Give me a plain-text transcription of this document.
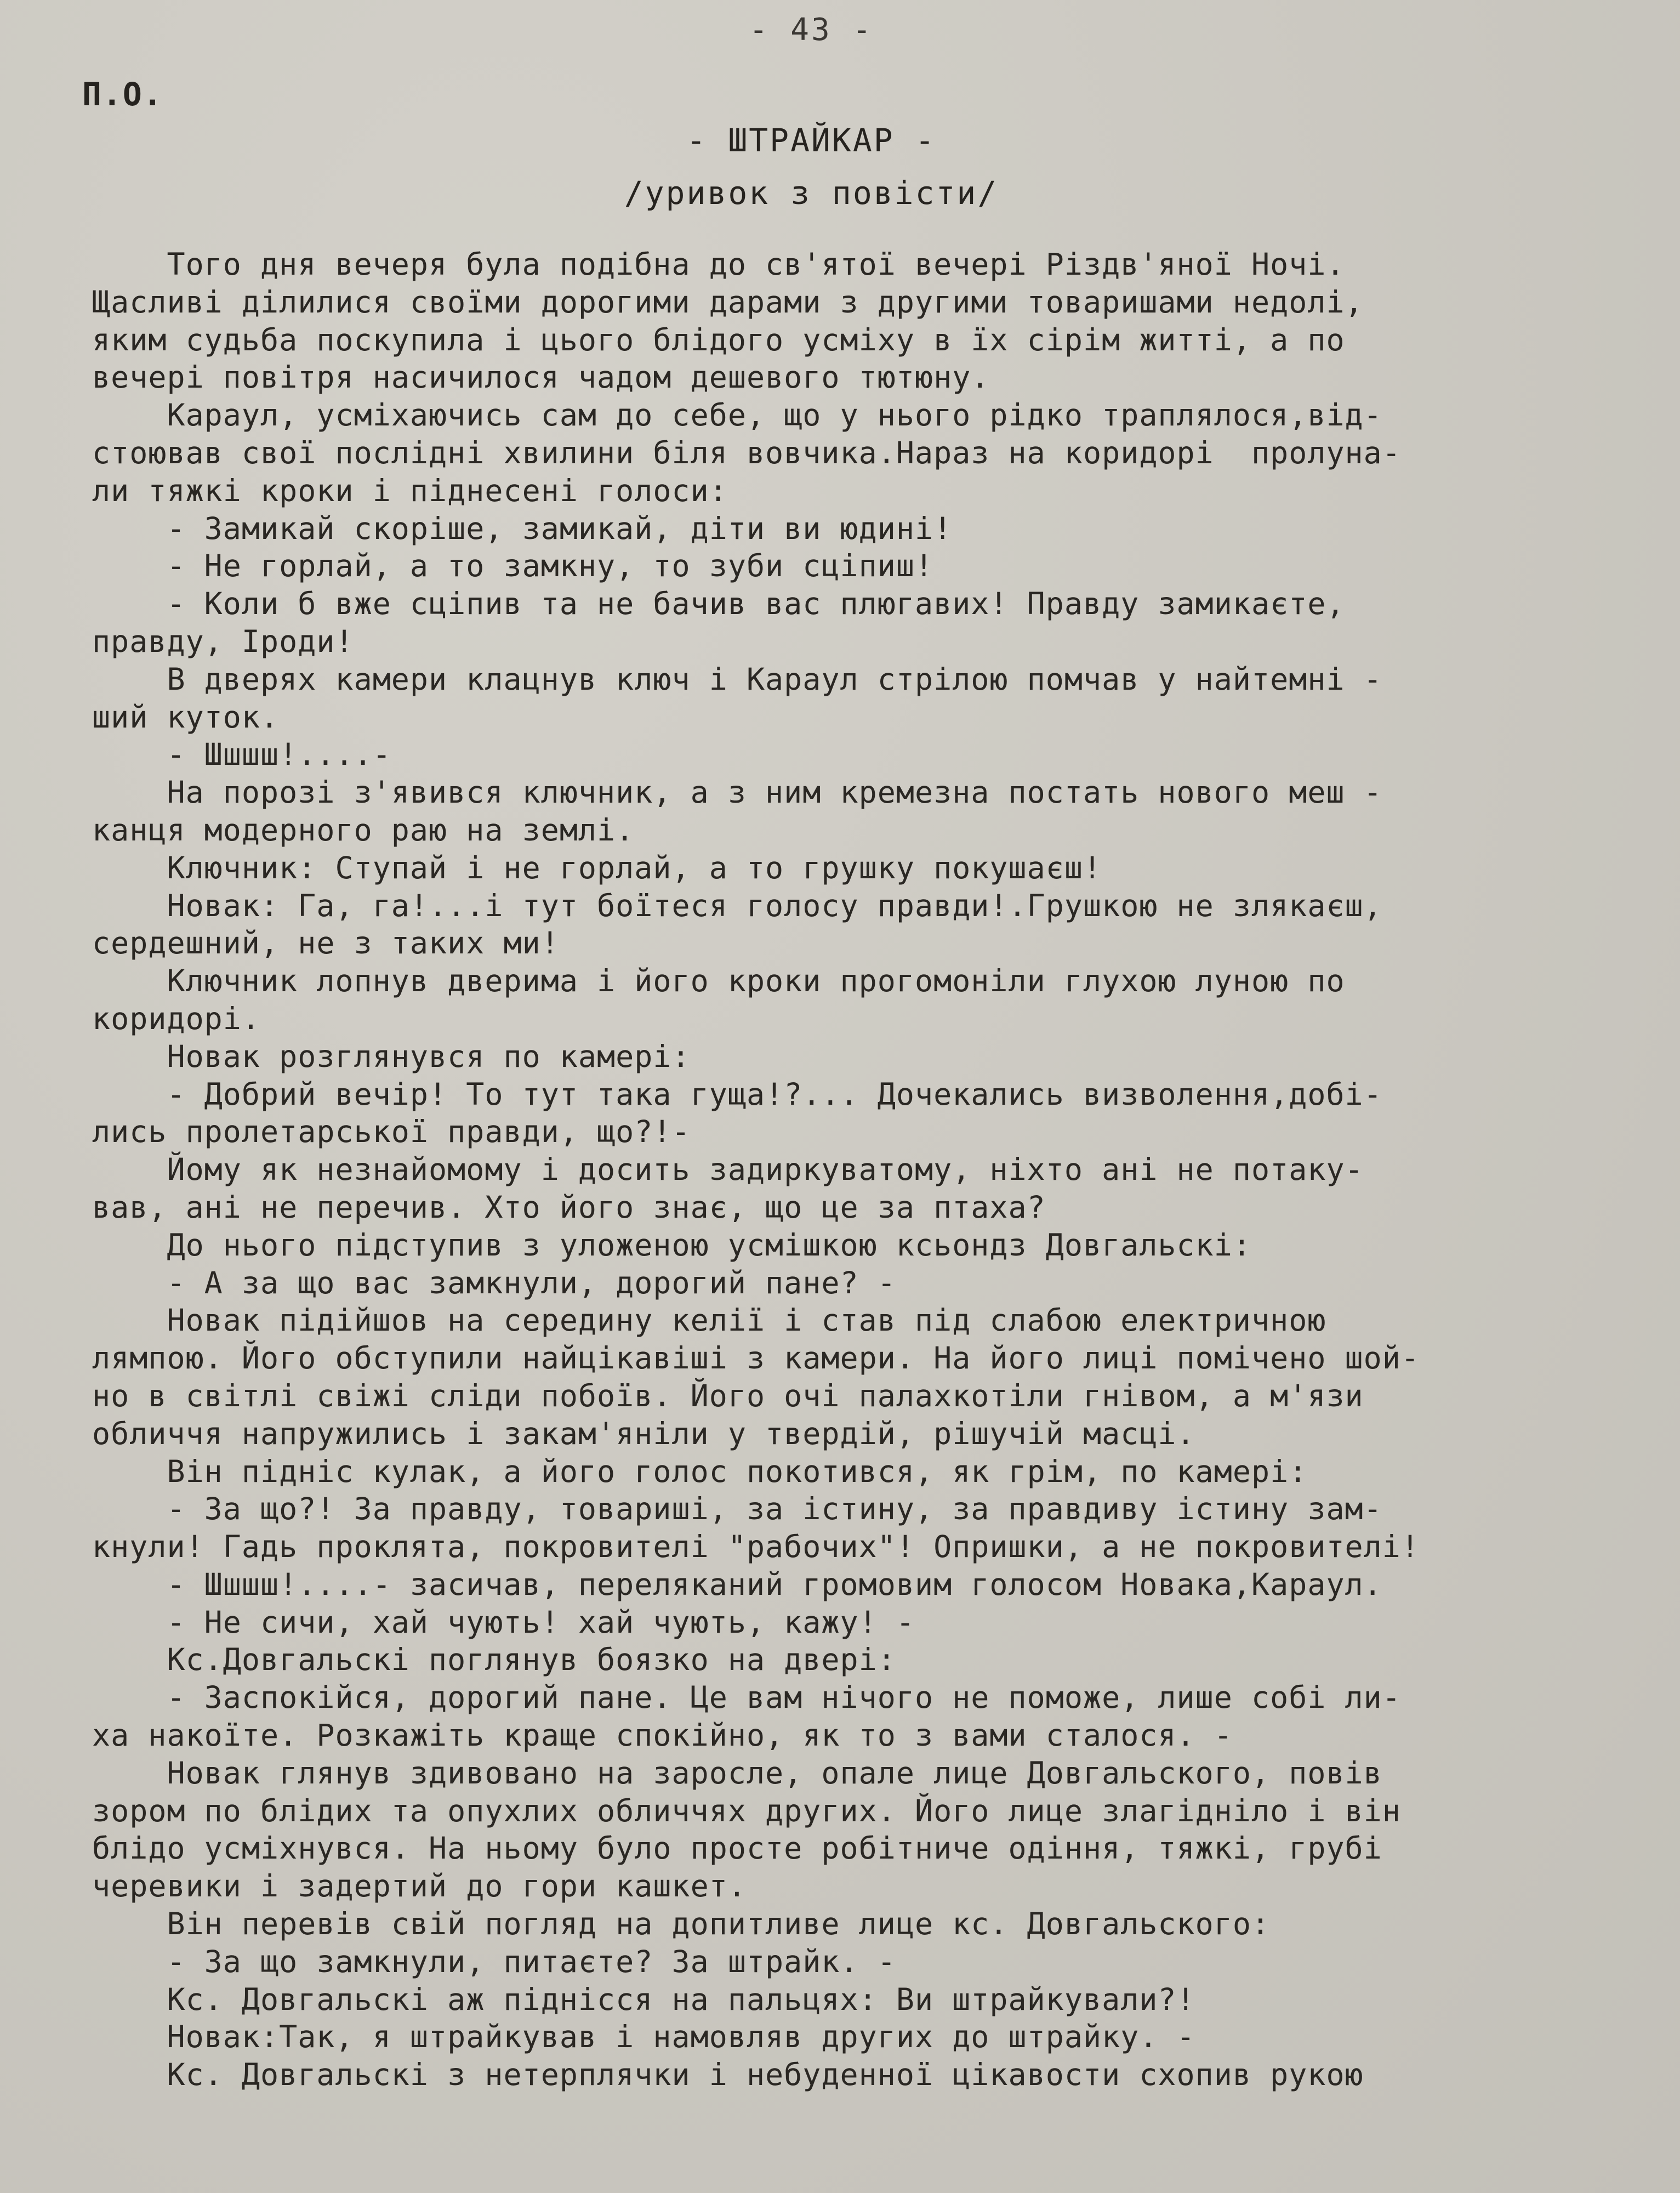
- 43 -
П.О.
- ШТРАЙКАР -
/уривок з повісти/
Того дня вечеря була подібна до св'ятої вечері Різдв'яної Ночі.
Щасливі ділилися своїми дорогими дарами з другими товаришами недолі,
яким судьба поскупила і цього блідого усміху в їх сірім житті, а по
вечері повітря насичилося чадом дешевого тютюну.
Караул, усміхаючись сам до себе, що у нього рідко траплялося,від-
стоював свої послідні хвилини біля вовчика.Нараз на коридорі  пролуна-
ли тяжкі кроки і піднесені голоси:
- Замикай скоріше, замикай, діти ви юдині!
- Не горлай, а то замкну, то зуби сціпиш!
- Коли б вже сціпив та не бачив вас плюгавих! Правду замикаєте,
правду, Іроди!
В дверях камери клацнув ключ і Караул стрілою помчав у найтемні -
ший куток.
- Шшшш!....-
На порозі з'явився ключник, а з ним кремезна постать нового меш -
канця модерного раю на землі.
Ключник: Ступай і не горлай, а то грушку покушаєш!
Новак: Га, га!...і тут боїтеся голосу правди!.Грушкою не злякаєш,
сердешний, не з таких ми!
Ключник лопнув дверима і його кроки прогомоніли глухою луною по
коридорі.
Новак розглянувся по камері:
- Добрий вечір! То тут така гуща!?... Дочекались визволення,добі-
лись пролетарської правди, що?!-
Йому як незнайомому і досить задиркуватому, ніхто ані не потаку-
вав, ані не перечив. Хто його знає, що це за птаха?
До нього підступив з уложеною усмішкою ксьондз Довгальскі:
- А за що вас замкнули, дорогий пане? -
Новак підійшов на середину келії і став під слабою електричною
лямпою. Його обступили найцікавіші з камери. На його лиці помічено шой-
но в світлі свіжі сліди побоїв. Його очі палахкотіли гнівом, а м'язи
обличчя напружились і закам'яніли у твердій, рішучій масці.
Він підніс кулак, а його голос покотився, як грім, по камері:
- За що?! За правду, товариші, за істину, за правдиву істину зам-
кнули! Гадь проклята, покровителі "рабочих"! Опришки, а не покровителі!
- Шшшш!....- засичав, переляканий громовим голосом Новака,Караул.
- Не сичи, хай чують! хай чують, кажу! -
Кс.Довгальскі поглянув боязко на двері:
- Заспокійся, дорогий пане. Це вам нічого не поможе, лише собі ли-
ха накоїте. Розкажіть краще спокійно, як то з вами сталося. -
Новак глянув здивовано на зарослe, опале лице Довгальского, повів
зором по блідих та опухлих обличчях других. Його лице злагідніло і він
блідо усміхнувся. На ньому було просте робітниче одіння, тяжкі, грубі
черевики і задертий до гори кашкет.
Він перевів свій погляд на допитливе лице кс. Довгальского:
- За що замкнули, питаєте? За штрайк. -
Кс. Довгальскі аж піднісся на пальцях: Ви штрайкували?!
Новак:Так, я штрайкував і намовляв других до штрайку. -
Кс. Довгальскі з нетерплячки і небуденної цікавости схопив рукою
